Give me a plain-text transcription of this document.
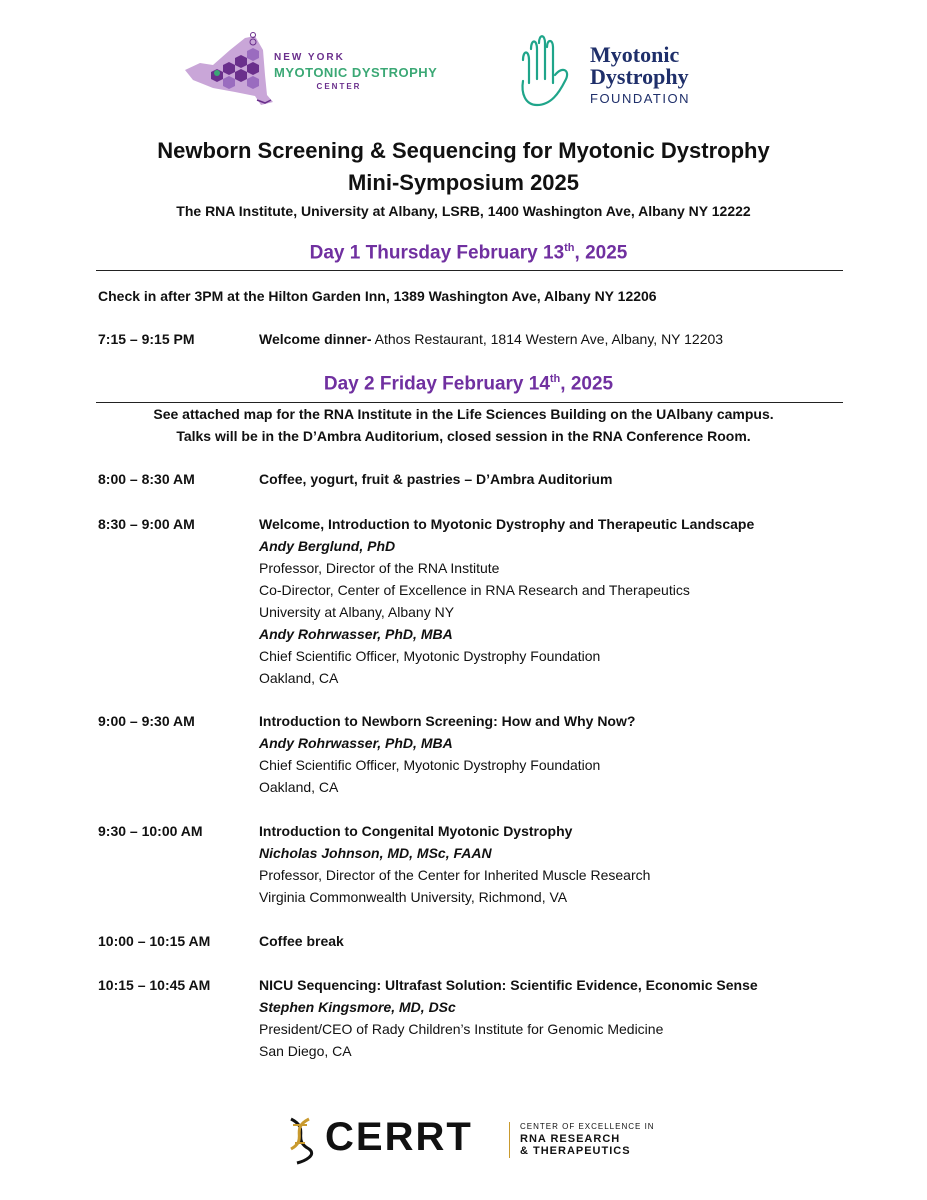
NEW YORK
MYOTONIC DYSTROPHY
CENTER
Myotonic
Dystrophy
FOUNDATION
Newborn Screening & Sequencing for Myotonic Dystrophy
Mini-Symposium 2025
The RNA Institute, University at Albany, LSRB, 1400 Washington Ave, Albany NY 12222
Day 1 Thursday February 13th, 2025
Check in after 3PM at the Hilton Garden Inn, 1389 Washington Ave, Albany NY 12206
7:15 – 9:15 PM	Welcome dinner- Athos Restaurant, 1814 Western Ave, Albany, NY 12203
Day 2 Friday February 14th, 2025
See attached map for the RNA Institute in the Life Sciences Building on the UAlbany campus.
Talks will be in the D’Ambra Auditorium, closed session in the RNA Conference Room.
8:00 – 8:30 AM	Coffee, yogurt, fruit & pastries – D’Ambra Auditorium
8:30 – 9:00 AM	Welcome, Introduction to Myotonic Dystrophy and Therapeutic Landscape
Andy Berglund, PhD
Professor, Director of the RNA Institute
Co-Director, Center of Excellence in RNA Research and Therapeutics
University at Albany, Albany NY
Andy Rohrwasser, PhD, MBA
Chief Scientific Officer, Myotonic Dystrophy Foundation
Oakland, CA
9:00 – 9:30 AM	Introduction to Newborn Screening: How and Why Now?
Andy Rohrwasser, PhD, MBA
Chief Scientific Officer, Myotonic Dystrophy Foundation
Oakland, CA
9:30 – 10:00 AM	Introduction to Congenital Myotonic Dystrophy
Nicholas Johnson, MD, MSc, FAAN
Professor, Director of the Center for Inherited Muscle Research
Virginia Commonwealth University, Richmond, VA
10:00 – 10:15 AM	Coffee break
10:15 – 10:45 AM	NICU Sequencing: Ultrafast Solution: Scientific Evidence, Economic Sense
Stephen Kingsmore, MD, DSc
President/CEO of Rady Children’s Institute for Genomic Medicine
San Diego, CA
CERRT	CENTER OF EXCELLENCE IN
RNA RESEARCH
& THERAPEUTICS
